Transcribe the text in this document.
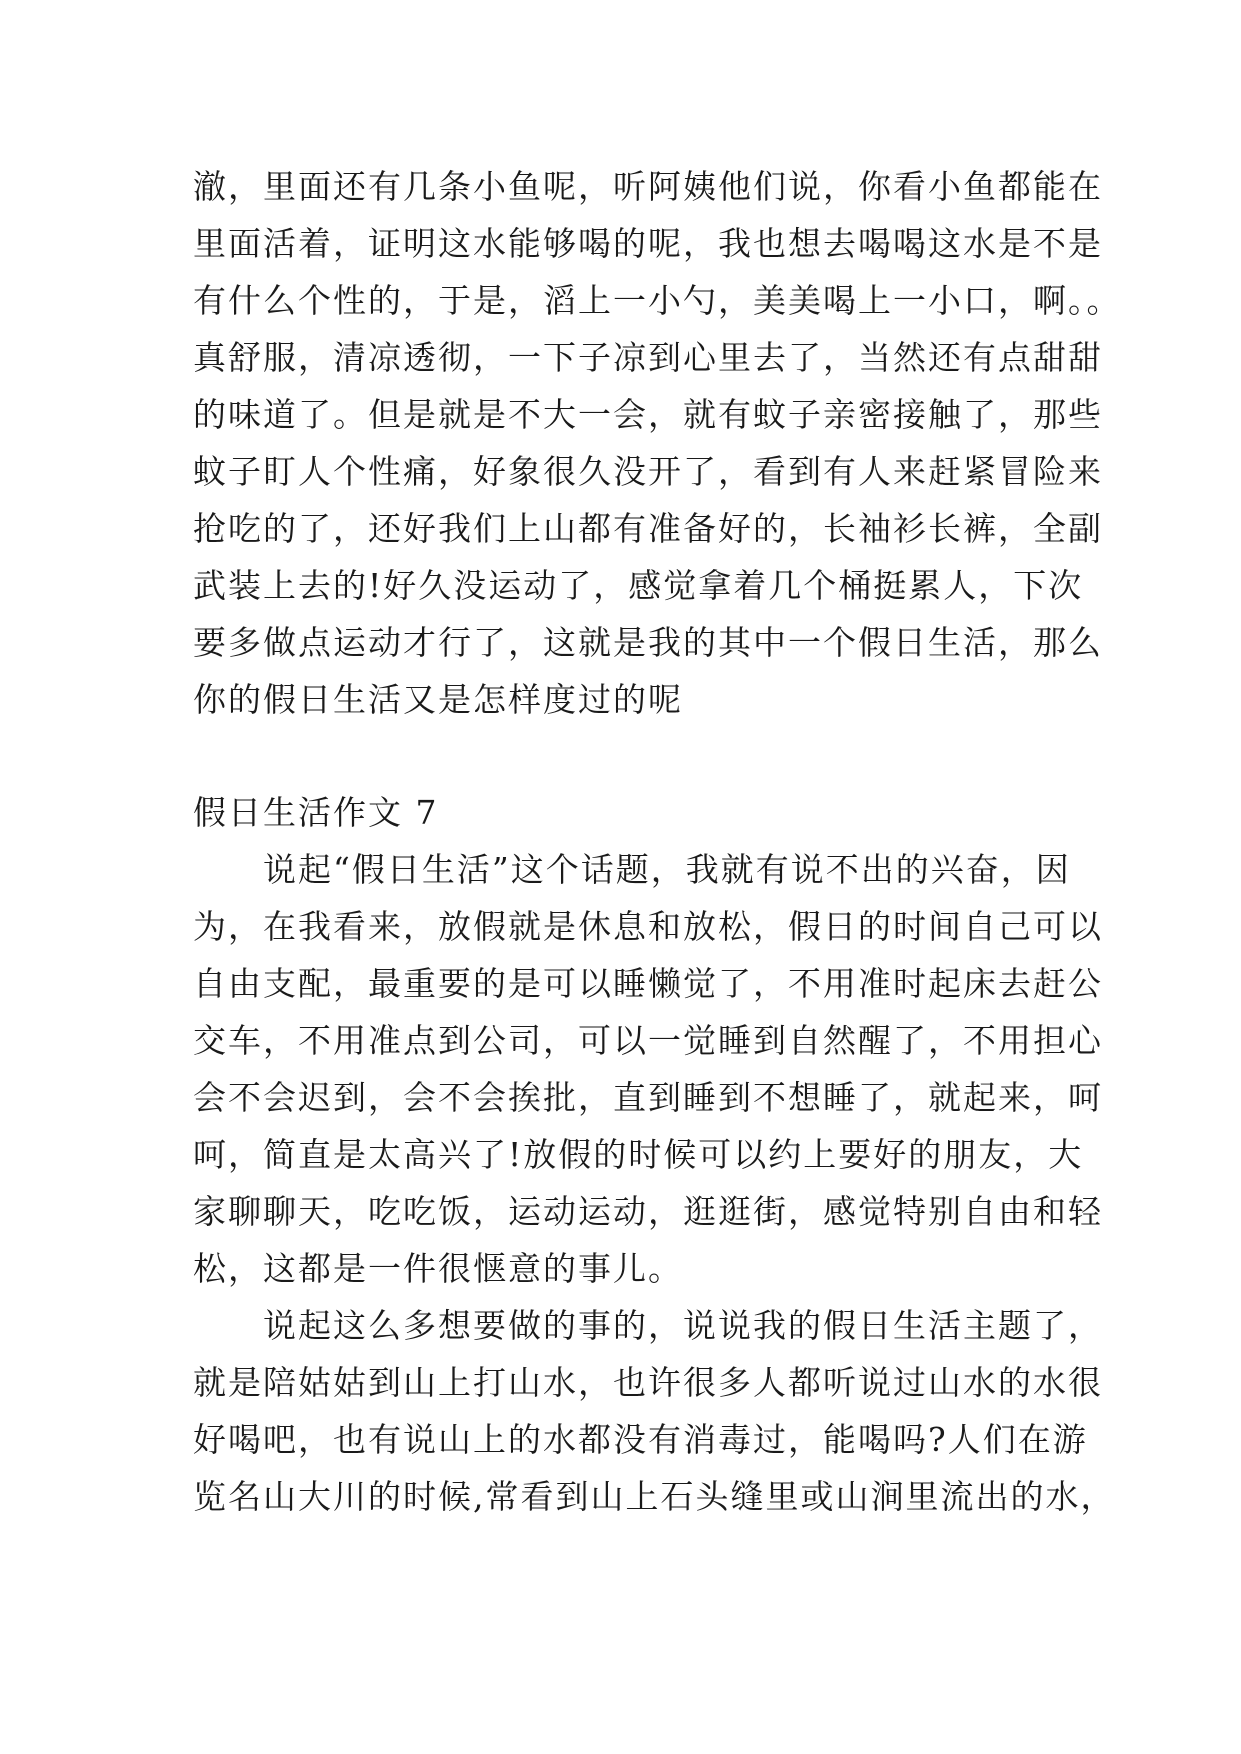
澈，里面还有几条小鱼呢，听阿姨他们说，你看小鱼都能在
里面活着，证明这水能够喝的呢，我也想去喝喝这水是不是
有什么个性的，于是，滔上一小勺，美美喝上一小口，啊。。
真舒服，清凉透彻，一下子凉到心里去了，当然还有点甜甜
的味道了。但是就是不大一会，就有蚊子亲密接触了，那些
蚊子盯人个性痛，好象很久没开了，看到有人来赶紧冒险来
抢吃的了，还好我们上山都有准备好的，长袖衫长裤，全副
武装上去的!好久没运动了，感觉拿着几个桶挺累人，下次
要多做点运动才行了，这就是我的其中一个假日生活，那么
你的假日生活又是怎样度过的呢
假日生活作文 7
　　说起“假日生活”这个话题，我就有说不出的兴奋，因
为，在我看来，放假就是休息和放松，假日的时间自己可以
自由支配，最重要的是可以睡懒觉了，不用准时起床去赶公
交车，不用准点到公司，可以一觉睡到自然醒了，不用担心
会不会迟到，会不会挨批，直到睡到不想睡了，就起来，呵
呵，简直是太高兴了!放假的时候可以约上要好的朋友，大
家聊聊天，吃吃饭，运动运动，逛逛街，感觉特别自由和轻
松，这都是一件很惬意的事儿。
　　说起这么多想要做的事的，说说我的假日生活主题了，
就是陪姑姑到山上打山水，也许很多人都听说过山水的水很
好喝吧，也有说山上的水都没有消毒过，能喝吗?人们在游
览名山大川的时候,常看到山上石头缝里或山涧里流出的水，
